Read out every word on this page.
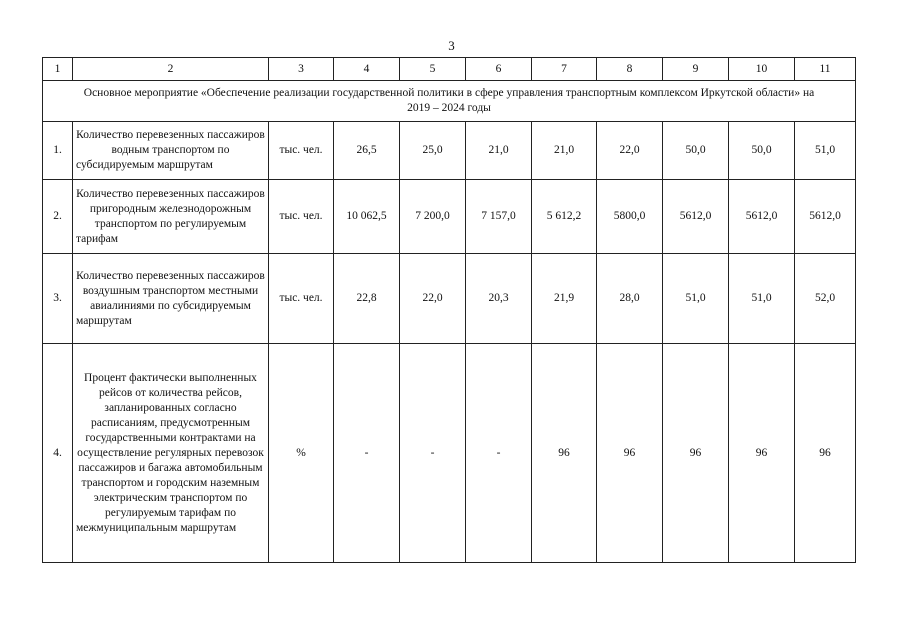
3
1	2	3	4	5	6	7	8	9	10	11
Основное мероприятие «Обеспечение реализации государственной политики в сфере управления транспортным комплексом Иркутской области» на 2019 – 2024 годы										
1.	Количество перевезенных пассажиров водным транспортом по субсидируемым маршрутам	тыс. чел.	26,5	25,0	21,0	21,0	22,0	50,0	50,0	51,0
2.	Количество перевезенных пассажиров пригородным железнодорожным транспортом по регулируемым тарифам	тыс. чел.	10 062,5	7 200,0	7 157,0	5 612,2	5800,0	5612,0	5612,0	5612,0
3.	Количество перевезенных пассажиров воздушным транспортом местными авиалиниями по субсидируемым маршрутам	тыс. чел.	22,8	22,0	20,3	21,9	28,0	51,0	51,0	52,0
4.	Процент фактически выполненных рейсов от количества рейсов, запланированных согласно расписаниям, предусмотренным государственными контрактами на осуществление регулярных перевозок пассажиров и багажа автомобильным транспортом и городским наземным электрическим транспортом по регулируемым тарифам по межмуниципальным маршрутам	%	-	-	-	96	96	96	96	96
